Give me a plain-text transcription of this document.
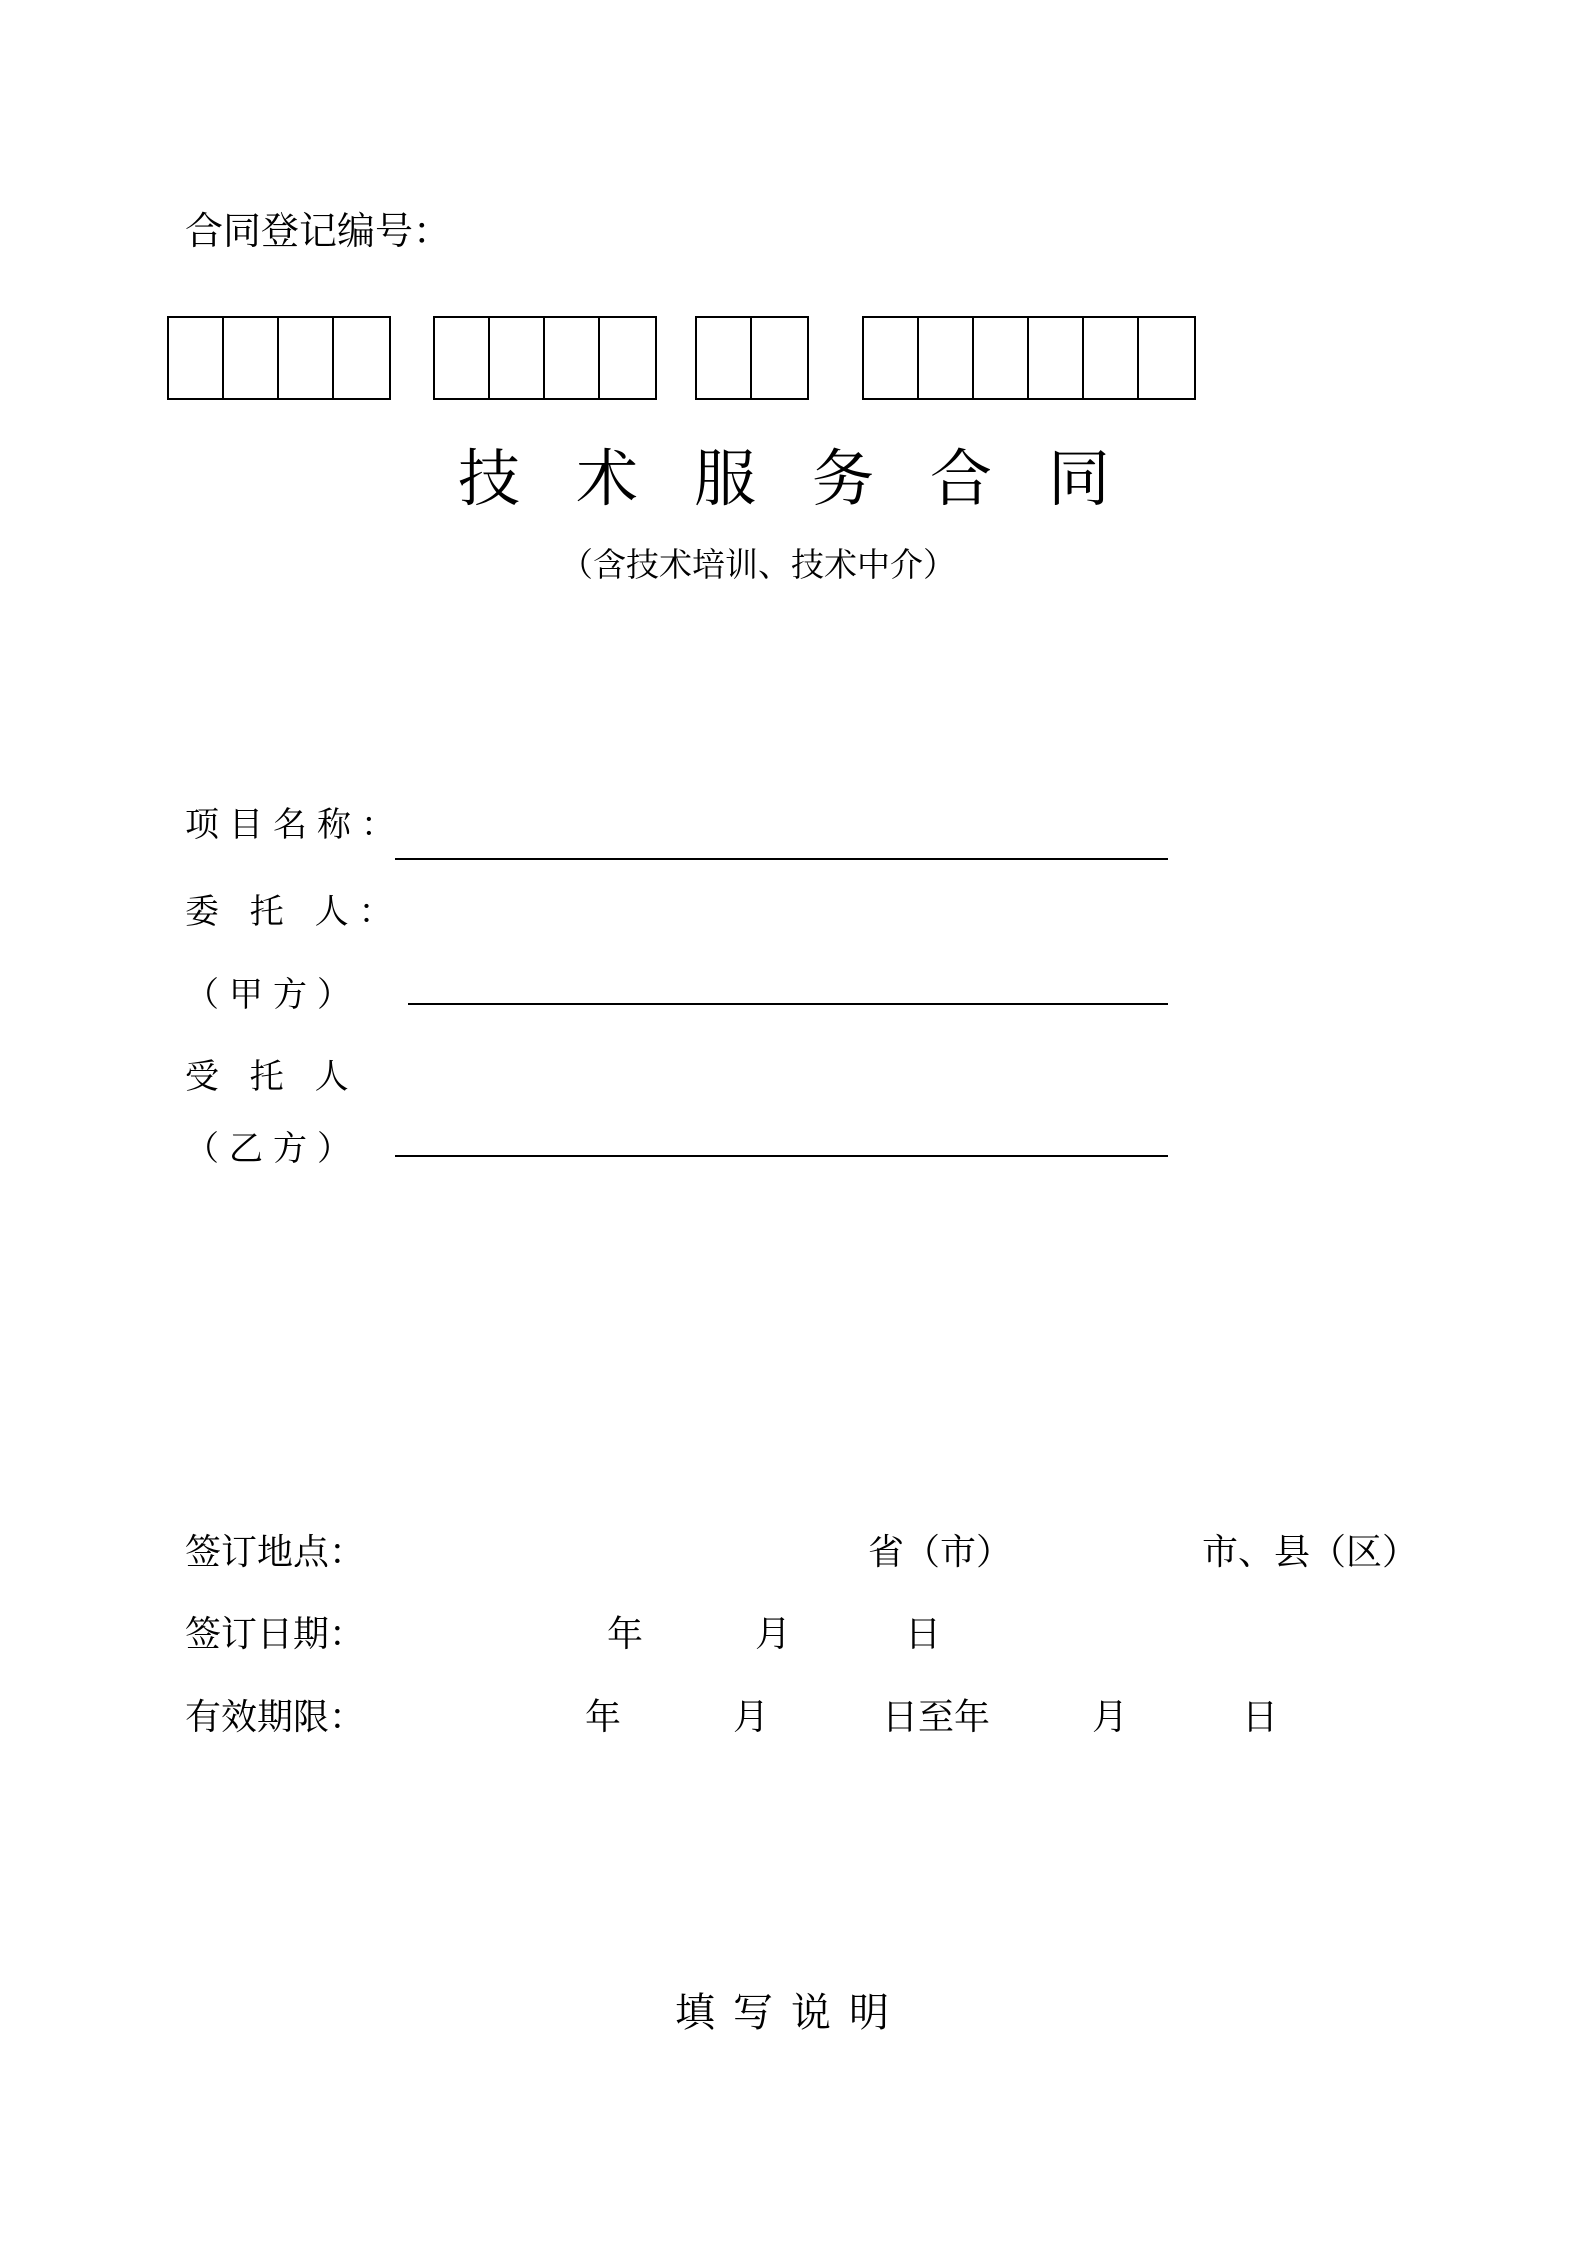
合同登记编号：
技术服务合同
（含技术培训、技术中介）
项目名称：
委 托 人：
（甲方）
受 托 人
（乙方）
签订地点：	省（市）	市、县（区）
签订日期：	年	月	日
有效期限：	年	月	日至年	月	日
填写说明
